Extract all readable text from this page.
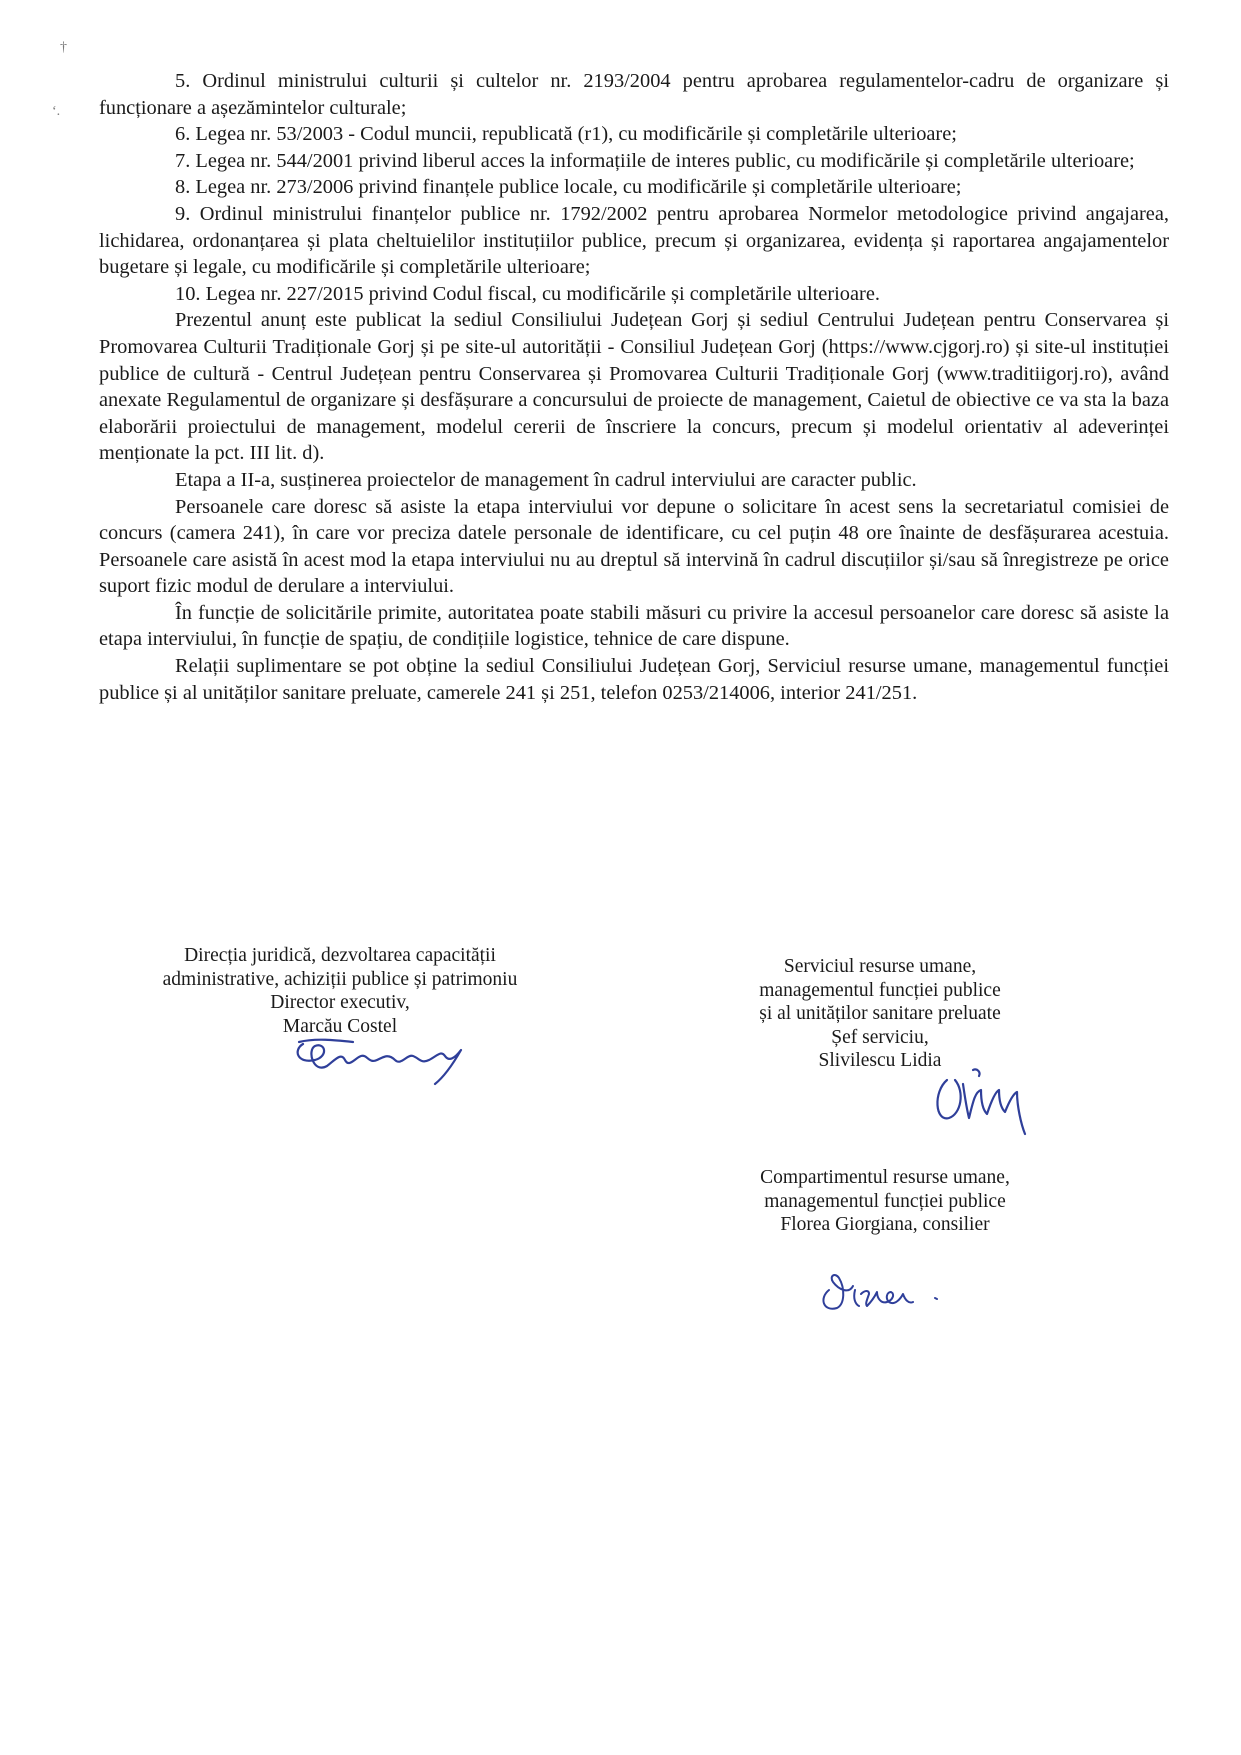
†
‘.

5. Ordinul ministrului culturii și cultelor nr. 2193/2004 pentru aprobarea regulamentelor-cadru de organizare și funcționare a așezămintelor culturale;

6. Legea nr. 53/2003 - Codul muncii, republicată (r1), cu modificările și completările ulterioare;

7. Legea nr. 544/2001 privind liberul acces la informațiile de interes public, cu modificările și completările ulterioare;

8. Legea nr. 273/2006 privind finanțele publice locale, cu modificările și completările ulterioare;

9. Ordinul ministrului finanțelor publice nr. 1792/2002 pentru aprobarea Normelor metodologice privind angajarea, lichidarea, ordonanțarea și plata cheltuielilor instituțiilor publice, precum și organizarea, evidența și raportarea angajamentelor bugetare și legale, cu modificările și completările ulterioare;

10. Legea nr. 227/2015 privind Codul fiscal, cu modificările și completările ulterioare.

Prezentul anunț este publicat la sediul Consiliului Județean Gorj și sediul Centrului Județean pentru Conservarea și Promovarea Culturii Tradiționale Gorj și pe site-ul autorității - Consiliul Județean Gorj (https://www.cjgorj.ro) și site-ul instituției publice de cultură - Centrul Județean pentru Conservarea și Promovarea Culturii Tradiționale Gorj (www.traditiigorj.ro), având anexate Regulamentul de organizare și desfășurare a concursului de proiecte de management, Caietul de obiective ce va sta la baza elaborării proiectului de management, modelul cererii de înscriere la concurs, precum și modelul orientativ al adeverinței menționate la pct. III lit. d).

Etapa a II-a, susținerea proiectelor de management în cadrul interviului are caracter public.

Persoanele care doresc să asiste la etapa interviului vor depune o solicitare în acest sens la secretariatul comisiei de concurs (camera 241), în care vor preciza datele personale de identificare, cu cel puțin 48 ore înainte de desfășurarea acestuia. Persoanele care asistă în acest mod la etapa interviului nu au dreptul să intervină în cadrul discuțiilor și/sau să înregistreze pe orice suport fizic modul de derulare a interviului.

În funcție de solicitările primite, autoritatea poate stabili măsuri cu privire la accesul persoanelor care doresc să asiste la etapa interviului, în funcție de spațiu, de condițiile logistice, tehnice de care dispune.

Relații suplimentare se pot obține la sediul Consiliului Județean Gorj, Serviciul resurse umane, managementul funcției publice și al unităților sanitare preluate, camerele 241 și 251, telefon 0253/214006, interior 241/251.

Direcția juridică, dezvoltarea capacității
administrative, achiziții publice și patrimoniu
Director executiv,
Marcău Costel
Serviciul resurse umane,
managementul funcției publice
și al unităților sanitare preluate
Șef serviciu,
Slivilescu Lidia
Compartimentul resurse umane,
managementul funcției publice
Florea Giorgiana, consilier
